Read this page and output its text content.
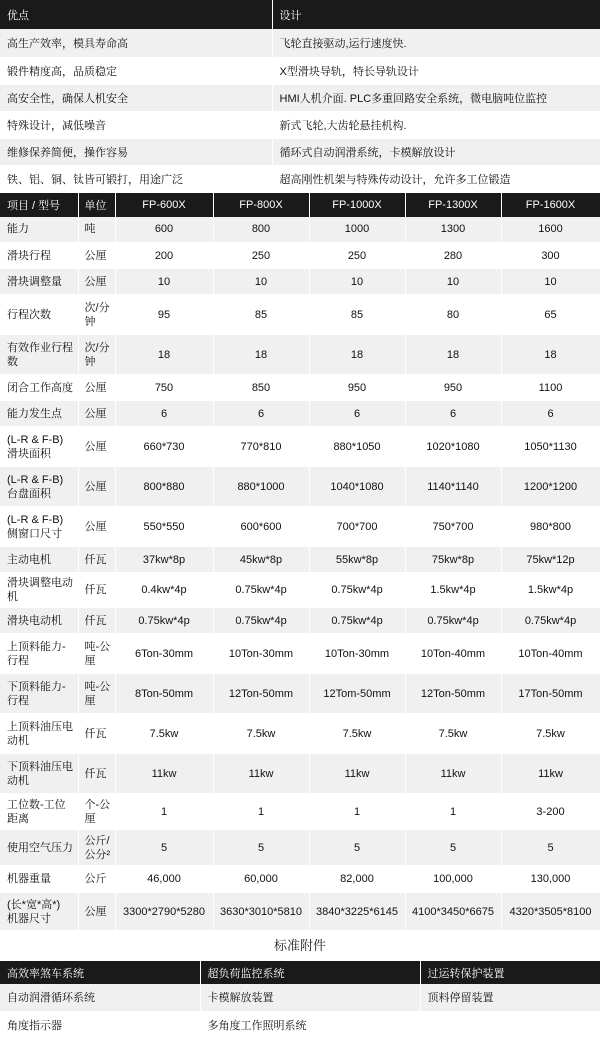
优点	设计
高生产效率，模具寿命高	飞轮直接驱动,运行速度快.
锻件精度高，品质稳定	X型滑块导轨，特长导轨设计
高安全性，确保人机安全	HMI人机介面. PLC多重回路安全系统，微电脑吨位监控
特殊设计，减低噪音	新式飞轮,大齿轮悬挂机构.
维修保养简便，操作容易	循环式自动润滑系统，卡模解放设计
铁、铝、铜、钛皆可锻打，用途广泛	超高刚性机架与特殊传动设计，允许多工位锻造
项目 / 型号	单位	FP-600X	FP-800X	FP-1000X	FP-1300X	FP-1600X
能力	吨	600	800	1000	1300	1600
滑块行程	公厘	200	250	250	280	300
滑块调整量	公厘	10	10	10	10	10
行程次数	次/分钟	95	85	85	80	65
有效作业行程数	次/分钟	18	18	18	18	18
闭合工作高度	公厘	750	850	950	950	1100
能力发生点	公厘	6	6	6	6	6
(L-R & F-B)滑块面积	公厘	660*730	770*810	880*1050	1020*1080	1050*1130
(L-R & F-B)台盘面积	公厘	800*880	880*1000	1040*1080	1140*1140	1200*1200
(L-R & F-B)侧窗口尺寸	公厘	550*550	600*600	700*700	750*700	980*800
主动电机	仟瓦	37kw*8p	45kw*8p	55kw*8p	75kw*8p	75kw*12p
滑块调整电动机	仟瓦	0.4kw*4p	0.75kw*4p	0.75kw*4p	1.5kw*4p	1.5kw*4p
滑块电动机	仟瓦	0.75kw*4p	0.75kw*4p	0.75kw*4p	0.75kw*4p	0.75kw*4p
上顶料能力-行程	吨-公厘	6Ton-30mm	10Ton-30mm	10Ton-30mm	10Ton-40mm	10Ton-40mm
下顶料能力-行程	吨-公厘	8Ton-50mm	12Ton-50mm	12Tom-50mm	12Ton-50mm	17Ton-50mm
上顶料油压电动机	仟瓦	7.5kw	7.5kw	7.5kw	7.5kw	7.5kw
下顶料油压电动机	仟瓦	11kw	11kw	11kw	11kw	11kw
工位数-工位距离	个-公厘	1	1	1	1	3-200
使用空气压力	公斤/公分²	5	5	5	5	5
机器重量	公斤	46,000	60,000	82,000	100,000	130,000
(长*宽*高*) 机器尺寸	公厘	3300*2790*5280	3630*3010*5810	3840*3225*6145	4100*3450*6675	4320*3505*8100
标准附件
高效率煞车系统	超负荷监控系统	过运转保护装置
自动润滑循环系统	卡模解放装置	顶料停留装置
角度指示器	多角度工作照明系统	
